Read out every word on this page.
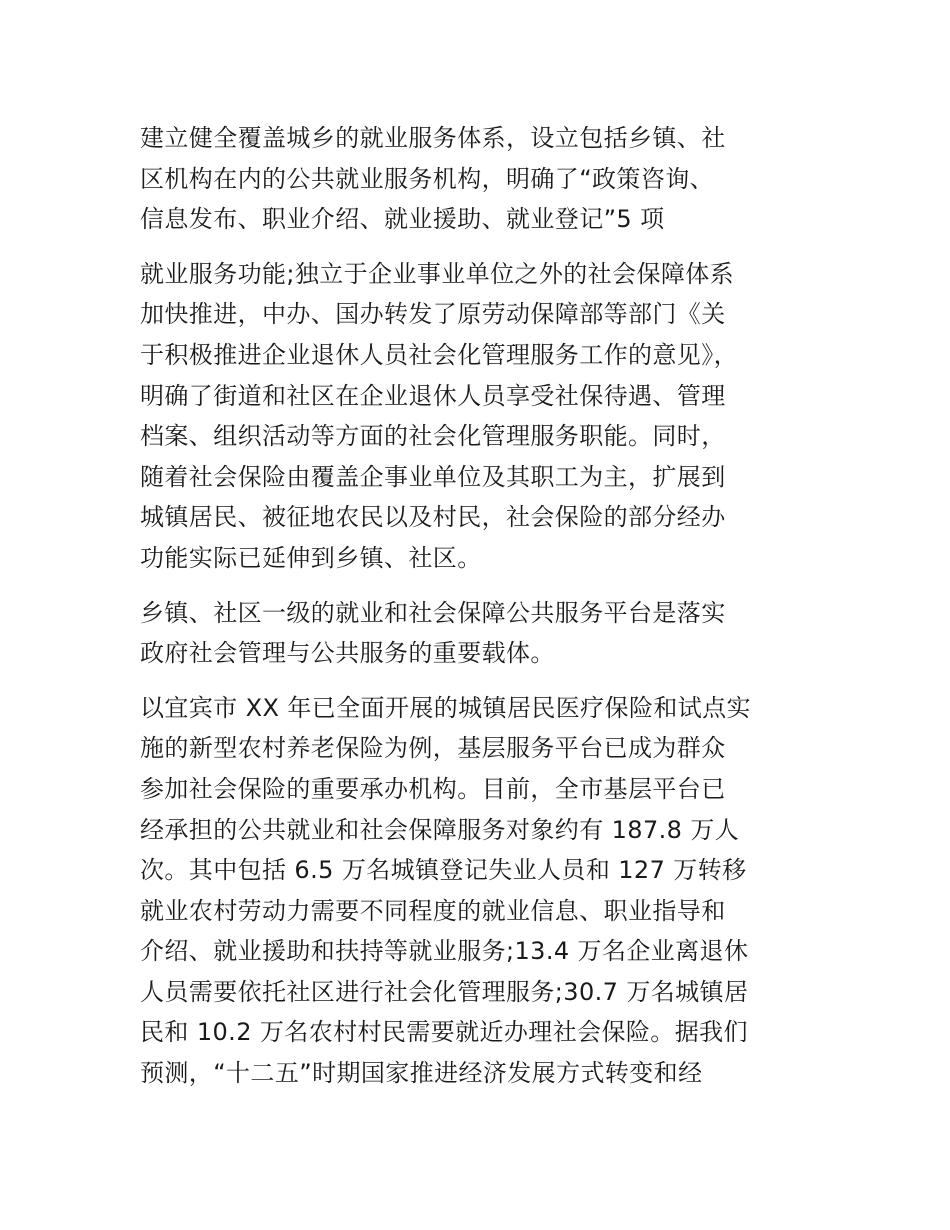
建立健全覆盖城乡的就业服务体系，设立包括乡镇、社
区机构在内的公共就业服务机构，明确了“政策咨询、
信息发布、职业介绍、就业援助、就业登记”5 项

就业服务功能;独立于企业事业单位之外的社会保障体系
加快推进，中办、国办转发了原劳动保障部等部门《关
于积极推进企业退休人员社会化管理服务工作的意见》，
明确了街道和社区在企业退休人员享受社保待遇、管理
档案、组织活动等方面的社会化管理服务职能。同时，
随着社会保险由覆盖企事业单位及其职工为主，扩展到
城镇居民、被征地农民以及村民，社会保险的部分经办
功能实际已延伸到乡镇、社区。

乡镇、社区一级的就业和社会保障公共服务平台是落实
政府社会管理与公共服务的重要载体。

以宜宾市 XX 年已全面开展的城镇居民医疗保险和试点实
施的新型农村养老保险为例，基层服务平台已成为群众
参加社会保险的重要承办机构。目前，全市基层平台已
经承担的公共就业和社会保障服务对象约有 187.8 万人
次。其中包括 6.5 万名城镇登记失业人员和 127 万转移
就业农村劳动力需要不同程度的就业信息、职业指导和
介绍、就业援助和扶持等就业服务;13.4 万名企业离退休
人员需要依托社区进行社会化管理服务;30.7 万名城镇居
民和 10.2 万名农村村民需要就近办理社会保险。据我们
预测，“十二五”时期国家推进经济发展方式转变和经
